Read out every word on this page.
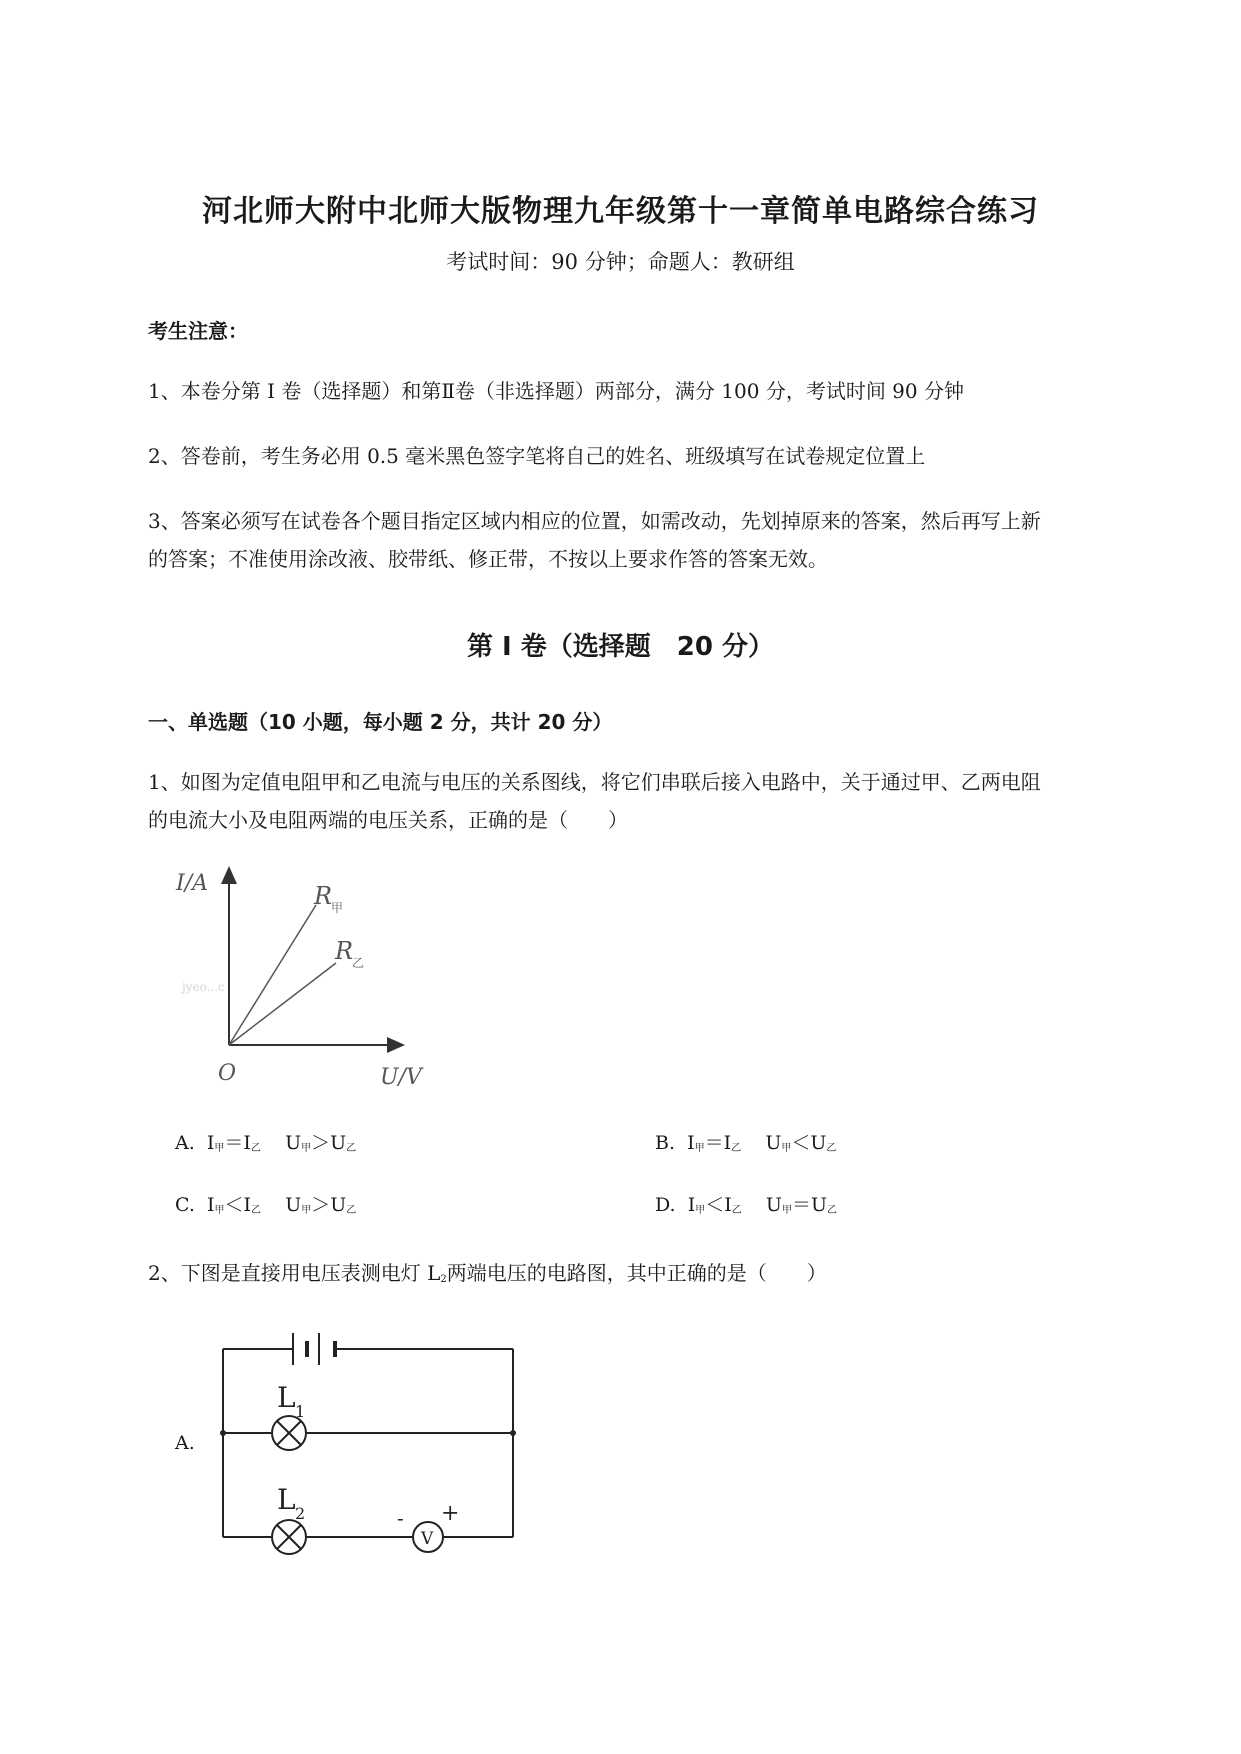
河北师大附中北师大版物理九年级第十一章简单电路综合练习
考试时间：90 分钟；命题人：教研组
考生注意：
1、本卷分第 I 卷（选择题）和第Ⅱ卷（非选择题）两部分，满分 100 分，考试时间 90 分钟
2、答卷前，考生务必用 0.5 毫米黑色签字笔将自己的姓名、班级填写在试卷规定位置上
3、答案必须写在试卷各个题目指定区域内相应的位置，如需改动，先划掉原来的答案，然后再写上新
的答案；不准使用涂改液、胶带纸、修正带，不按以上要求作答的答案无效。
第 I 卷（选择题　20 分）
一、单选题（10 小题，每小题 2 分，共计 20 分）
1、如图为定值电阻甲和乙电流与电压的关系图线，将它们串联后接入电路中，关于通过甲、乙两电阻
的电流大小及电阻两端的电压关系，正确的是（　　）
I/A
U/V
O
R
甲
R
乙
jyeo...c
A. $I_甲=I_乙$ $U_甲>U_乙$	B. $I_甲=I_乙$ $U_甲<U_乙$
C. $I_甲<I_乙$ $U_甲>U_乙$	D. $I_甲<I_乙$ $U_甲=U_乙$
2、下图是直接用电压表测电灯 $L_2$两端电压的电路图，其中正确的是（　　）
A.
V
- +
L 1
L 2
